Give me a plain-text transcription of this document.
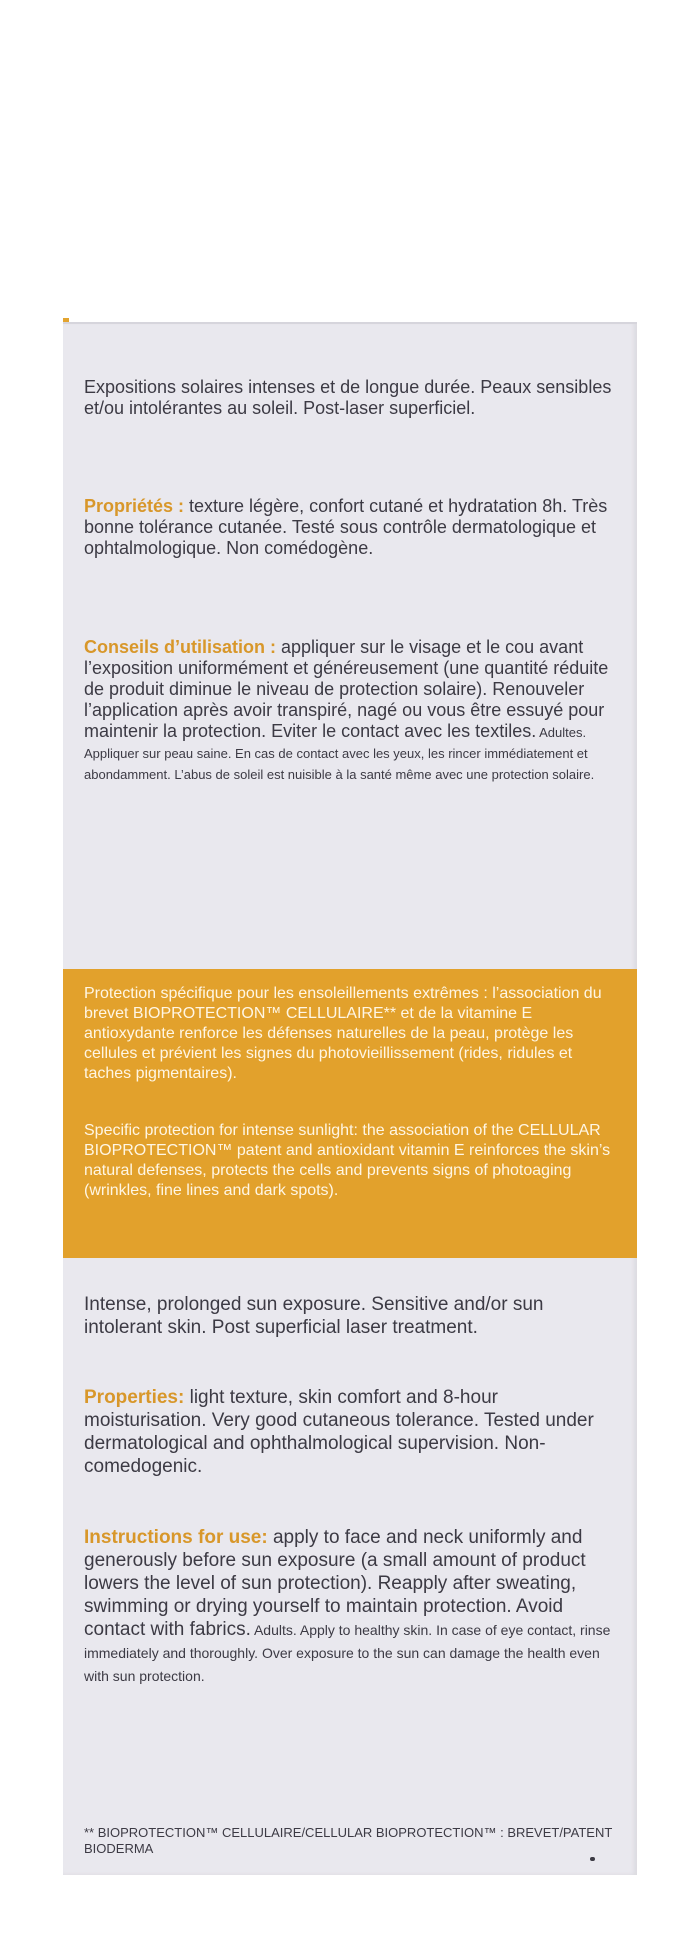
Expositions solaires intenses et de longue durée. Peaux sensibles et/ou intolérantes au soleil. Post-laser superficiel.

Propriétés : texture légère, confort cutané et hydratation 8h. Très bonne tolérance cutanée. Testé sous contrôle dermatologique et ophtalmologique. Non comédogène.

Conseils d’utilisation : appliquer sur le visage et le cou avant l’exposition uniformément et généreusement (une quantité réduite de produit diminue le niveau de protection solaire). Renouveler l’application après avoir transpiré, nagé ou vous être essuyé pour maintenir la protection. Eviter le contact avec les textiles. Adultes. Appliquer sur peau saine. En cas de contact avec les yeux, les rincer immédiatement et abondamment. L’abus de soleil est nuisible à la santé même avec une protection solaire.

Protection spécifique pour les ensoleillements extrêmes : l’association du brevet BIOPROTECTION™ CELLULAIRE** et de la vitamine E antioxydante renforce les défenses naturelles de la peau, protège les cellules et prévient les signes du photovieillissement (rides, ridules et taches pigmentaires).

Specific protection for intense sunlight: the association of the CELLULAR BIOPROTECTION™ patent and antioxidant vitamin E reinforces the skin’s natural defenses, protects the cells and prevents signs of photoaging (wrinkles, fine lines and dark spots).

Intense, prolonged sun exposure. Sensitive and/or sun intolerant skin. Post superficial laser treatment.

Properties: light texture, skin comfort and 8-hour moisturisation. Very good cutaneous tolerance. Tested under dermatological and ophthalmological supervision. Non-comedogenic.

Instructions for use: apply to face and neck uniformly and generously before sun exposure (a small amount of product lowers the level of sun protection). Reapply after sweating, swimming or drying yourself to maintain protection. Avoid contact with fabrics. Adults. Apply to healthy skin. In case of eye contact, rinse immediately and thoroughly. Over exposure to the sun can damage the health even with sun protection.

** BIOPROTECTION™ CELLULAIRE/CELLULAR BIOPROTECTION™ : BREVET/PATENT BIODERMA
